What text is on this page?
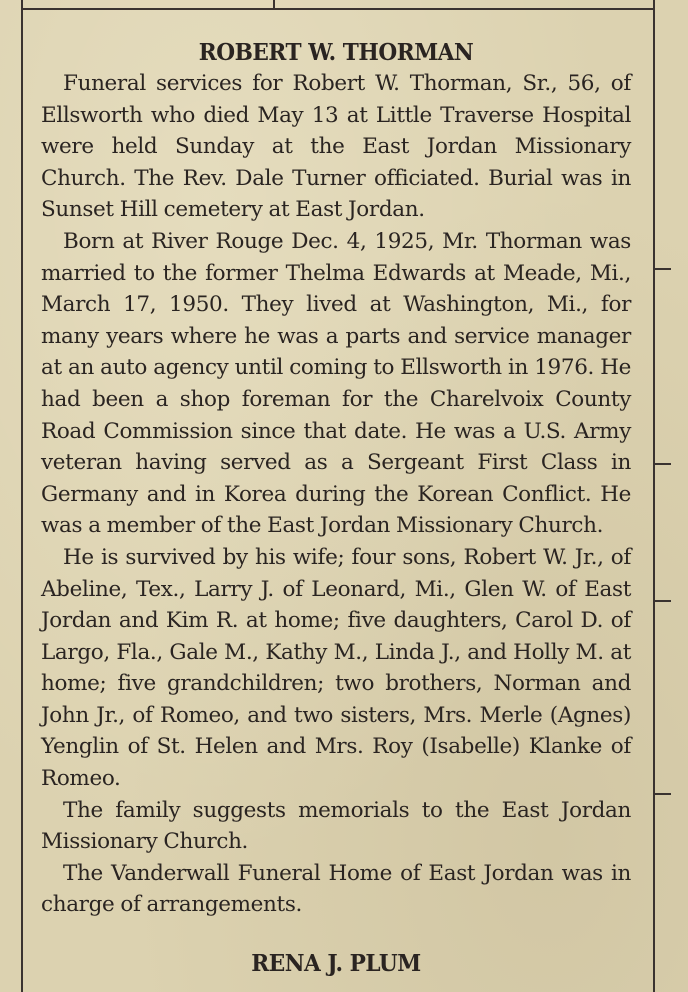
ROBERT W. THORMAN

Funeral services for Robert W. Thorman, Sr., 56, of Ellsworth who died May 13 at Little Traverse Hospital were held Sunday at the East Jordan Missionary Church. The Rev. Dale Turner officiated. Burial was in Sunset Hill cemetery at East Jordan.

Born at River Rouge Dec. 4, 1925, Mr. Thorman was married to the former Thelma Edwards at Meade, Mi., March 17, 1950. They lived at Washington, Mi., for many years where he was a parts and service manager at an auto agency until coming to Ellsworth in 1976. He had been a shop foreman for the Charelvoix County Road Commission since that date. He was a U.S. Army veteran having served as a Sergeant First Class in Germany and in Korea during the Korean Conflict. He was a member of the East Jordan Missionary Church.

He is survived by his wife; four sons, Robert W. Jr., of Abeline, Tex., Larry J. of Leonard, Mi., Glen W. of East Jordan and Kim R. at home; five daughters, Carol D. of Largo, Fla., Gale M., Kathy M., Linda J., and Holly M. at home; five grandchildren; two brothers, Norman and John Jr., of Romeo, and two sisters, Mrs. Merle (Agnes) Yenglin of St. Helen and Mrs. Roy (Isabelle) Klanke of Romeo.

The family suggests memorials to the East Jordan Missionary Church.

The Vanderwall Funeral Home of East Jordan was in charge of arrangements.

RENA J. PLUM
